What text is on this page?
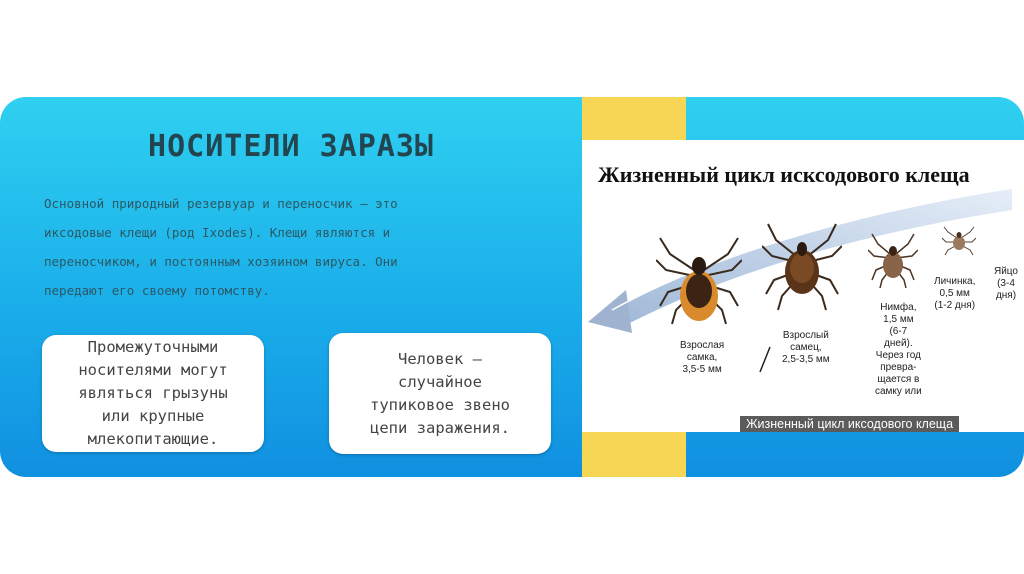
НОСИТЕЛИ ЗАРАЗЫ

Основной природный резервуар и переносчик — это
иксодовые клещи (род Ixodes). Клещи являются и
переносчиком, и постоянным хозяином вируса. Они
передают его своему потомству.

Промежуточными
носителями могут
являться грызуны
или крупные
млекопитающие.
Человек –
случайное
тупиковое звено
цепи заражения.
Жизненный цикл исксодового клеща
Взрослая
самка,
3,5-5 мм
Взрослый
самец,
2,5-3,5 мм
Нимфа,
1,5 мм
(6-7
дней).
Через год
превра-
щается в
самку или
Личинка,
0,5 мм
(1-2 дня)
Яйцо
(3-4
дня)
Жизненный цикл иксодового клеща
